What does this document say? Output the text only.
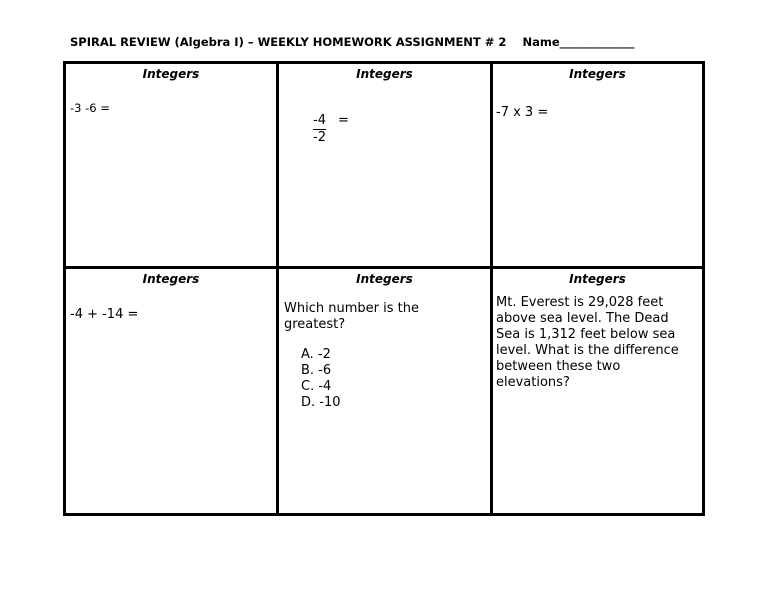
SPIRAL REVIEW (Algebra I) – WEEKLY HOMEWORK ASSIGNMENT # 2 Name_____________
Integers
-3 -6 =
Integers
-4
-2
=
Integers
-7 x 3 =
Integers
-4 + -14 =
Integers
Which number is the greatest?
A. -2
B. -6
C. -4
D. -10
Integers
Mt. Everest is 29,028 feet above sea level. The Dead Sea is 1,312 feet below sea level. What is the difference between these two elevations?
